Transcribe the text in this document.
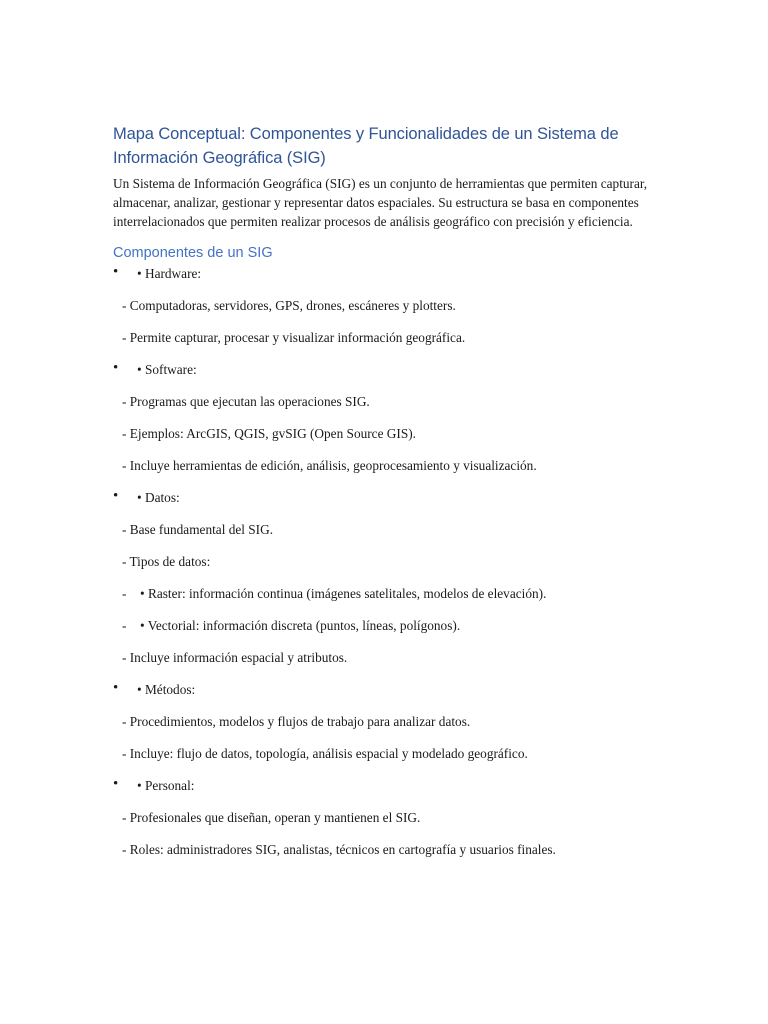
Mapa Conceptual: Componentes y Funcionalidades de un Sistema de Información Geográfica (SIG)

Un Sistema de Información Geográfica (SIG) es un conjunto de herramientas que permiten capturar, almacenar, analizar, gestionar y representar datos espaciales. Su estructura se basa en componentes interrelacionados que permiten realizar procesos de análisis geográfico con precisión y eficiencia.

Componentes de un SIG
• • Hardware:
- Computadoras, servidores, GPS, drones, escáneres y plotters.
- Permite capturar, procesar y visualizar información geográfica.
• • Software:
- Programas que ejecutan las operaciones SIG.
- Ejemplos: ArcGIS, QGIS, gvSIG (Open Source GIS).
- Incluye herramientas de edición, análisis, geoprocesamiento y visualización.
• • Datos:
- Base fundamental del SIG.
- Tipos de datos:
- • Raster: información continua (imágenes satelitales, modelos de elevación).
- • Vectorial: información discreta (puntos, líneas, polígonos).
- Incluye información espacial y atributos.
• • Métodos:
- Procedimientos, modelos y flujos de trabajo para analizar datos.
- Incluye: flujo de datos, topología, análisis espacial y modelado geográfico.
• • Personal:
- Profesionales que diseñan, operan y mantienen el SIG.
- Roles: administradores SIG, analistas, técnicos en cartografía y usuarios finales.
